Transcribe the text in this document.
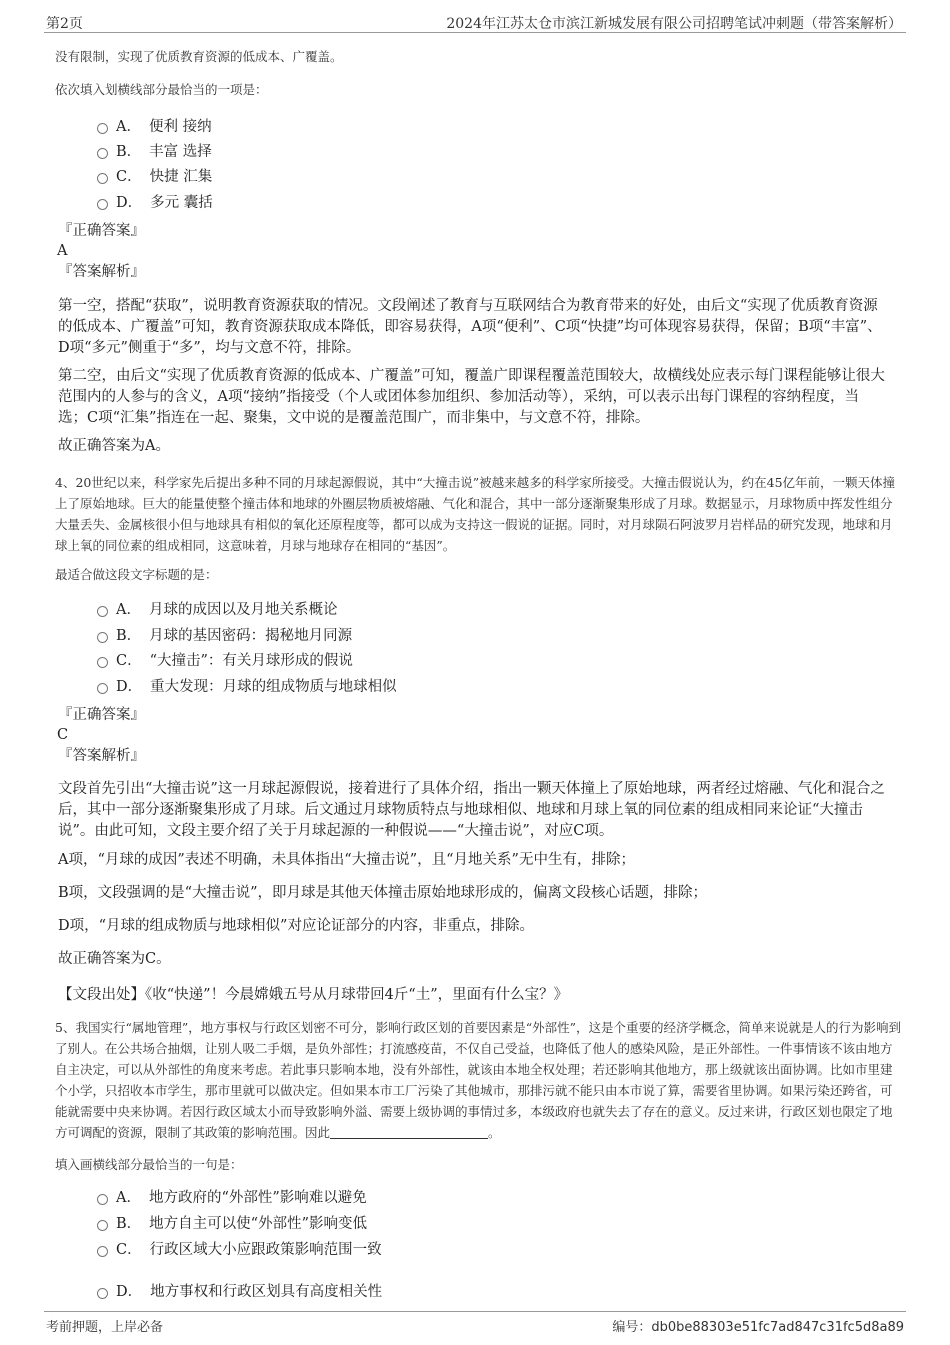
第2页	2024年江苏太仓市滨江新城发展有限公司招聘笔试冲刺题（带答案解析）
没有限制，实现了优质教育资源的低成本、广覆盖。
依次填入划横线部分最恰当的一项是：
A． 便利 接纳
B． 丰富 选择
C． 快捷 汇集
D． 多元 囊括
『正确答案』
A
『答案解析』
第一空，搭配“获取”，说明教育资源获取的情况。文段阐述了教育与互联网结合为教育带来的好处，由后文“实现了优质教育资源的低成本、广覆盖”可知，教育资源获取成本降低，即容易获得，A项“便利”、C项“快捷”均可体现容易获得，保留；B项“丰富”、D项“多元”侧重于“多”，均与文意不符，排除。
第二空，由后文“实现了优质教育资源的低成本、广覆盖”可知，覆盖广即课程覆盖范围较大，故横线处应表示每门课程能够让很大范围内的人参与的含义，A项“接纳”指接受（个人或团体参加组织、参加活动等），采纳，可以表示出每门课程的容纳程度，当选；C项“汇集”指连在一起、聚集，文中说的是覆盖范围广，而非集中，与文意不符，排除。
故正确答案为A。
4、20世纪以来，科学家先后提出多种不同的月球起源假说，其中“大撞击说”被越来越多的科学家所接受。大撞击假说认为，约在45亿年前，一颗天体撞上了原始地球。巨大的能量使整个撞击体和地球的外圈层物质被熔融、气化和混合，其中一部分逐渐聚集形成了月球。数据显示，月球物质中挥发性组分大量丢失、金属核很小但与地球具有相似的氧化还原程度等，都可以成为支持这一假说的证据。同时，对月球陨石阿波罗月岩样品的研究发现，地球和月球上氧的同位素的组成相同，这意味着，月球与地球存在相同的“基因”。
最适合做这段文字标题的是：
A． 月球的成因以及月地关系概论
B． 月球的基因密码：揭秘地月同源
C． “大撞击”：有关月球形成的假说
D． 重大发现：月球的组成物质与地球相似
『正确答案』
C
『答案解析』
文段首先引出“大撞击说”这一月球起源假说，接着进行了具体介绍，指出一颗天体撞上了原始地球，两者经过熔融、气化和混合之后，其中一部分逐渐聚集形成了月球。后文通过月球物质特点与地球相似、地球和月球上氧的同位素的组成相同来论证“大撞击说”。由此可知，文段主要介绍了关于月球起源的一种假说——“大撞击说”，对应C项。
A项，“月球的成因”表述不明确，未具体指出“大撞击说”，且“月地关系”无中生有，排除；
B项，文段强调的是“大撞击说”，即月球是其他天体撞击原始地球形成的，偏离文段核心话题，排除；
D项，“月球的组成物质与地球相似”对应论证部分的内容，非重点，排除。
故正确答案为C。
【文段出处】《收“快递”！今晨嫦娥五号从月球带回4斤“土”，里面有什么宝？》
5、我国实行“属地管理”，地方事权与行政区划密不可分，影响行政区划的首要因素是“外部性”，这是个重要的经济学概念，简单来说就是人的行为影响到了别人。在公共场合抽烟，让别人吸二手烟，是负外部性；打流感疫苗，不仅自己受益，也降低了他人的感染风险，是正外部性。一件事情该不该由地方自主决定，可以从外部性的角度来考虑。若此事只影响本地，没有外部性，就该由本地全权处理；若还影响其他地方，那上级就该出面协调。比如市里建个小学，只招收本市学生，那市里就可以做决定。但如果本市工厂污染了其他城市，那排污就不能只由本市说了算，需要省里协调。如果污染还跨省，可能就需要中央来协调。若因行政区域太小而导致影响外溢、需要上级协调的事情过多，本级政府也就失去了存在的意义。反过来讲，行政区划也限定了地方可调配的资源，限制了其政策的影响范围。因此	。
填入画横线部分最恰当的一句是：
A． 地方政府的“外部性”影响难以避免
B． 地方自主可以使“外部性”影响变低
C． 行政区域大小应跟政策影响范围一致
D． 地方事权和行政区划具有高度相关性
考前押题，上岸必备	编号：db0be88303e51fc7ad847c31fc5d8a89
